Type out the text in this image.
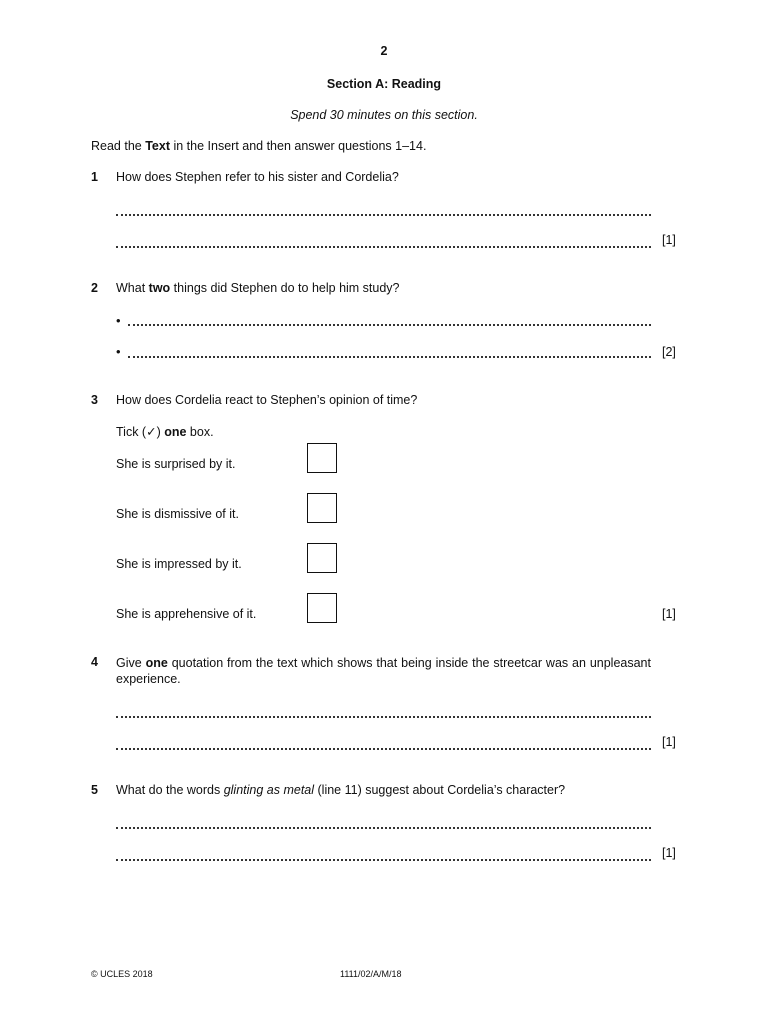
2
Section A: Reading
Spend 30 minutes on this section.
Read the Text in the Insert and then answer questions 1–14.
1 How does Stephen refer to his sister and Cordelia?
[1]
2 What two things did Stephen do to help him study?
•
•	[2]
3 How does Cordelia react to Stephen’s opinion of time?
Tick (✓) one box.
She is surprised by it.
She is dismissive of it.
She is impressed by it.
She is apprehensive of it.	[1]
4 Give one quotation from the text which shows that being inside the streetcar was an unpleasant experience.
[1]
5 What do the words glinting as metal (line 11) suggest about Cordelia’s character?
[1]
© UCLES 2018	1111/02/A/M/18
